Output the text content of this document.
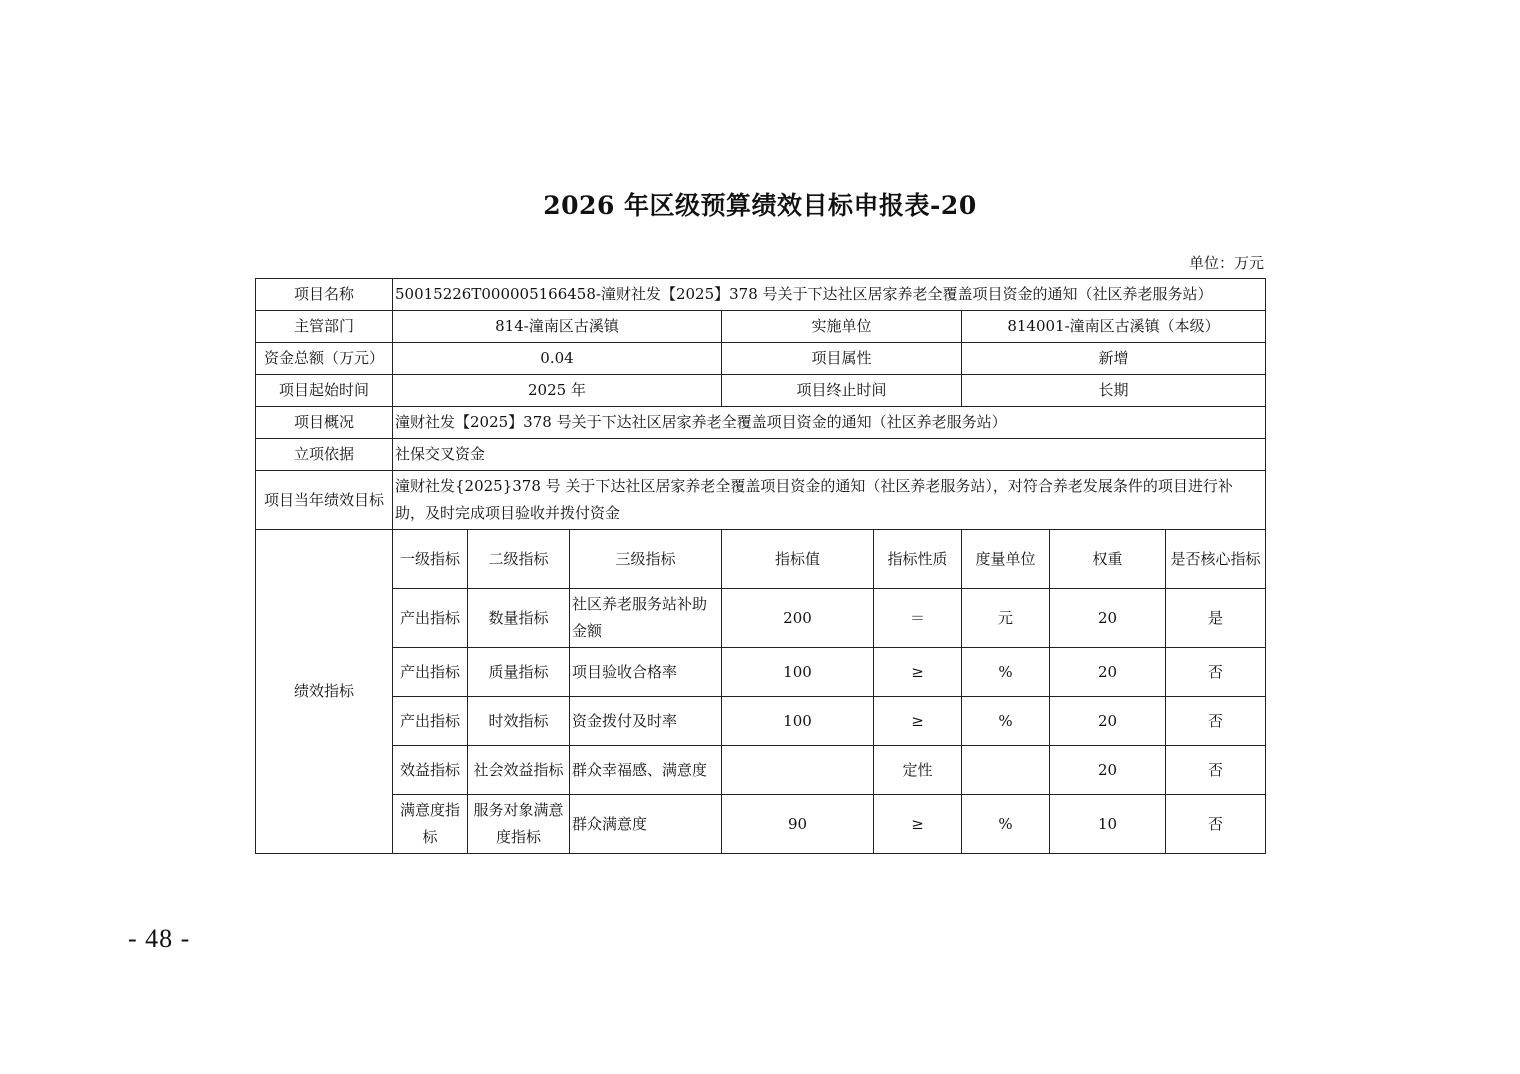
2026 年区级预算绩效目标申报表-20
单位：万元
项目名称	50015226T000005166458-潼财社发【2025】378 号关于下达社区居家养老全覆盖项目资金的通知（社区养老服务站）							
主管部门	814-潼南区古溪镇			实施单位		814001-潼南区古溪镇（本级）		
资金总额（万元）	0.04			项目属性		新增		
项目起始时间	2025 年			项目终止时间		长期		
项目概况	潼财社发【2025】378 号关于下达社区居家养老全覆盖项目资金的通知（社区养老服务站）							
立项依据	社保交叉资金							
项目当年绩效目标	潼财社发{2025}378 号 关于下达社区居家养老全覆盖项目资金的通知（社区养老服务站），对符合养老发展条件的项目进行补助，及时完成项目验收并拨付资金							
绩效指标	一级指标	二级指标	三级指标	指标值	指标性质	度量单位	权重	是否核心指标
	产出指标	数量指标	社区养老服务站补助金额	200	＝	元	20	是
	产出指标	质量指标	项目验收合格率	100	≥	%	20	否
	产出指标	时效指标	资金拨付及时率	100	≥	%	20	否
	效益指标	社会效益指标	群众幸福感、满意度		定性		20	否
	满意度指标	服务对象满意度指标	群众满意度	90	≥	%	10	否
- 48 -
